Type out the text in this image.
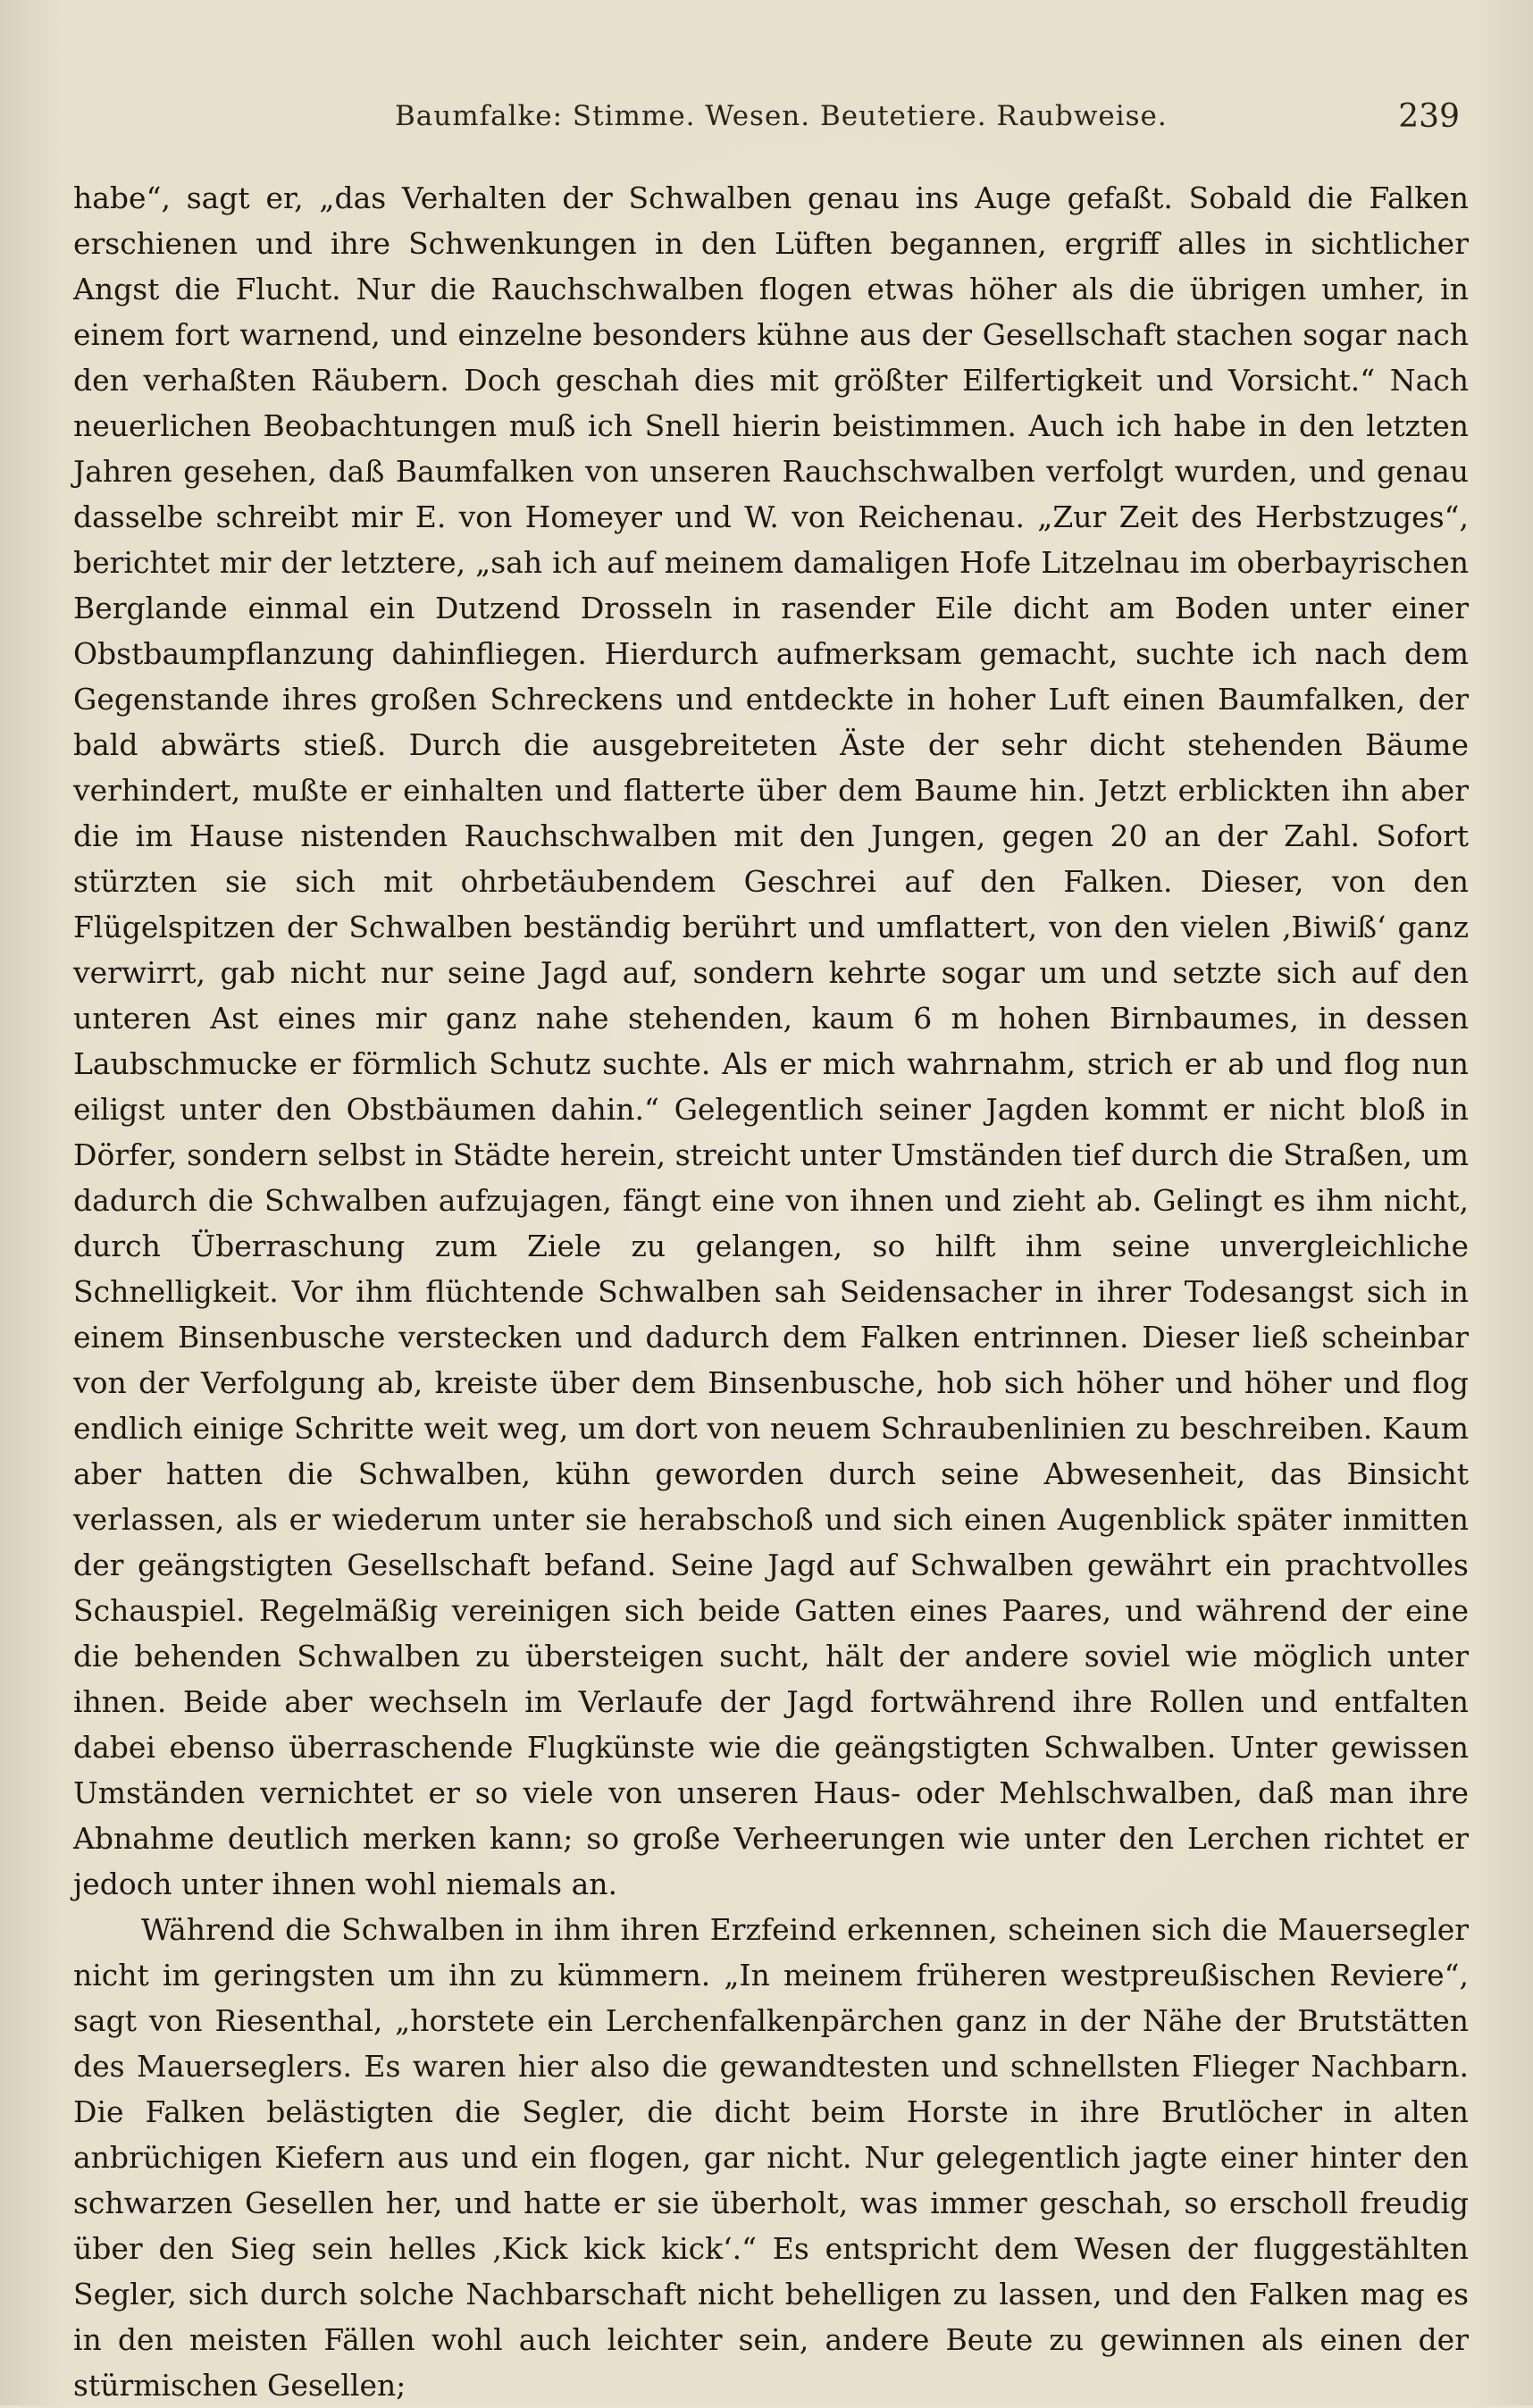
Baumfalke: Stimme. Wesen. Beutetiere. Raubweise.	239

habe“, sagt er, „das Verhalten der Schwalben genau ins Auge gefaßt. Sobald die Falken erschienen und ihre Schwenkungen in den Lüften begannen, ergriff alles in sichtlicher Angst die Flucht. Nur die Rauchschwalben flogen etwas höher als die übrigen umher, in einem fort warnend, und einzelne besonders kühne aus der Gesellschaft stachen sogar nach den verhaßten Räubern. Doch geschah dies mit größter Eilfertigkeit und Vorsicht.“ Nach neuerlichen Beobachtungen muß ich Snell hierin beistimmen. Auch ich habe in den letzten Jahren gesehen, daß Baumfalken von unseren Rauchschwalben verfolgt wurden, und genau dasselbe schreibt mir E. von Homeyer und W. von Reichenau. „Zur Zeit des Herbstzuges“, berichtet mir der letztere, „sah ich auf meinem damaligen Hofe Litzelnau im oberbayrischen Berglande einmal ein Dutzend Drosseln in rasender Eile dicht am Boden unter einer Obstbaumpflanzung dahinfliegen. Hierdurch aufmerksam gemacht, suchte ich nach dem Gegenstande ihres großen Schreckens und entdeckte in hoher Luft einen Baumfalken, der bald abwärts stieß. Durch die ausgebreiteten Äste der sehr dicht stehenden Bäume verhindert, mußte er einhalten und flatterte über dem Baume hin. Jetzt erblickten ihn aber die im Hause nistenden Rauchschwalben mit den Jungen, gegen 20 an der Zahl. Sofort stürzten sie sich mit ohrbetäubendem Geschrei auf den Falken. Dieser, von den Flügelspitzen der Schwalben beständig berührt und umflattert, von den vielen ‚Biwiß‘ ganz verwirrt, gab nicht nur seine Jagd auf, sondern kehrte sogar um und setzte sich auf den unteren Ast eines mir ganz nahe stehenden, kaum 6 m hohen Birnbaumes, in dessen Laubschmucke er förmlich Schutz suchte. Als er mich wahrnahm, strich er ab und flog nun eiligst unter den Obstbäumen dahin.“ Gelegentlich seiner Jagden kommt er nicht bloß in Dörfer, sondern selbst in Städte herein, streicht unter Umständen tief durch die Straßen, um dadurch die Schwalben aufzujagen, fängt eine von ihnen und zieht ab. Gelingt es ihm nicht, durch Überraschung zum Ziele zu gelangen, so hilft ihm seine unvergleichliche Schnelligkeit. Vor ihm flüchtende Schwalben sah Seidensacher in ihrer Todesangst sich in einem Binsenbusche verstecken und dadurch dem Falken entrinnen. Dieser ließ scheinbar von der Verfolgung ab, kreiste über dem Binsenbusche, hob sich höher und höher und flog endlich einige Schritte weit weg, um dort von neuem Schraubenlinien zu beschreiben. Kaum aber hatten die Schwalben, kühn geworden durch seine Abwesenheit, das Binsicht verlassen, als er wiederum unter sie herabschoß und sich einen Augenblick später inmitten der geängstigten Gesellschaft befand. Seine Jagd auf Schwalben gewährt ein prachtvolles Schauspiel. Regelmäßig vereinigen sich beide Gatten eines Paares, und während der eine die behenden Schwalben zu übersteigen sucht, hält der andere soviel wie möglich unter ihnen. Beide aber wechseln im Verlaufe der Jagd fortwährend ihre Rollen und entfalten dabei ebenso überraschende Flugkünste wie die geängstigten Schwalben. Unter gewissen Umständen vernichtet er so viele von unseren Haus- oder Mehlschwalben, daß man ihre Abnahme deutlich merken kann; so große Verheerungen wie unter den Lerchen richtet er jedoch unter ihnen wohl niemals an.

Während die Schwalben in ihm ihren Erzfeind erkennen, scheinen sich die Mauersegler nicht im geringsten um ihn zu kümmern. „In meinem früheren westpreußischen Reviere“, sagt von Riesenthal, „horstete ein Lerchenfalkenpärchen ganz in der Nähe der Brutstätten des Mauerseglers. Es waren hier also die gewandtesten und schnellsten Flieger Nachbarn. Die Falken belästigten die Segler, die dicht beim Horste in ihre Brutlöcher in alten anbrüchigen Kiefern aus und ein flogen, gar nicht. Nur gelegentlich jagte einer hinter den schwarzen Gesellen her, und hatte er sie überholt, was immer geschah, so erscholl freudig über den Sieg sein helles ‚Kick kick kick‘.“ Es entspricht dem Wesen der fluggestählten Segler, sich durch solche Nachbarschaft nicht behelligen zu lassen, und den Falken mag es in den meisten Fällen wohl auch leichter sein, andere Beute zu gewinnen als einen der stürmischen Gesellen;
